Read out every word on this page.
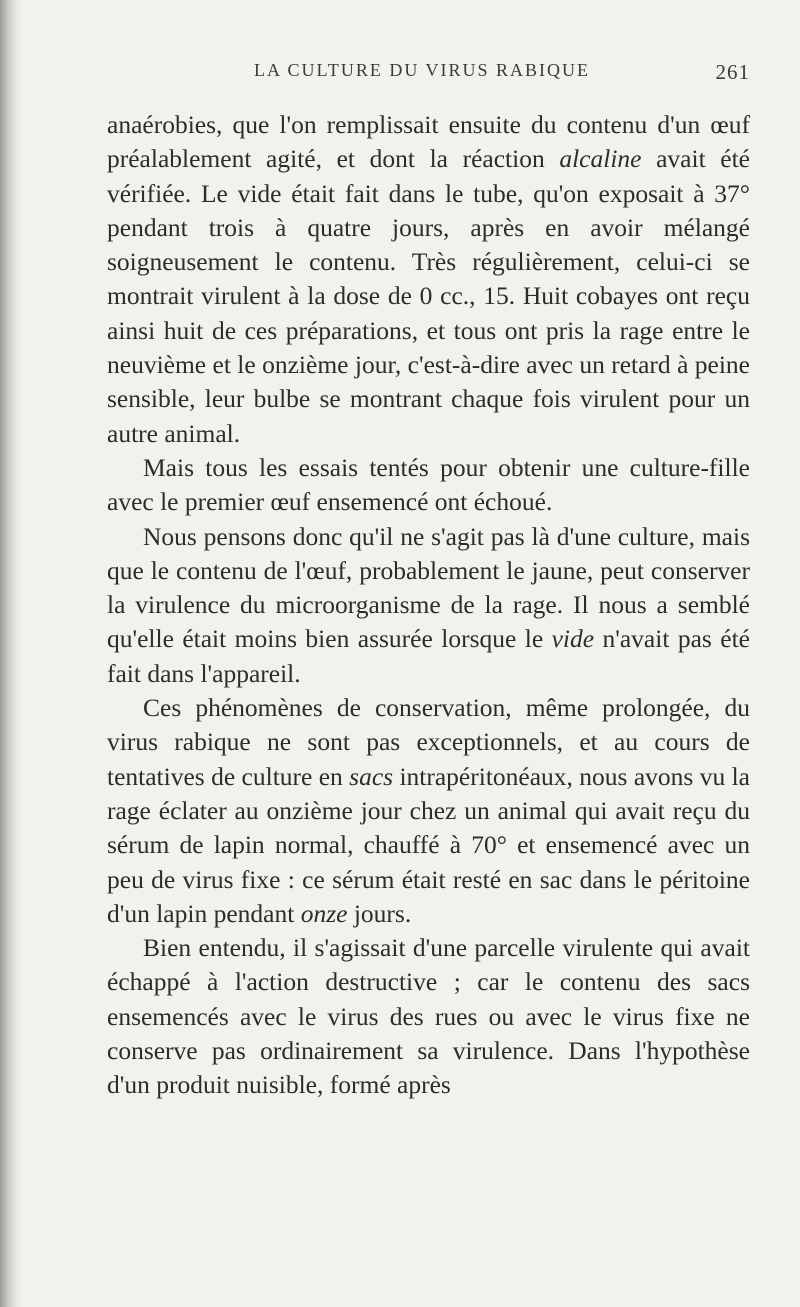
LA CULTURE DU VIRUS RABIQUE	261

anaérobies, que l'on remplissait ensuite du contenu d'un œuf préalablement agité, et dont la réaction alcaline avait été vérifiée. Le vide était fait dans le tube, qu'on exposait à 37° pendant trois à quatre jours, après en avoir mélangé soigneusement le contenu. Très régulièrement, celui-ci se montrait virulent à la dose de 0 cc., 15. Huit cobayes ont reçu ainsi huit de ces préparations, et tous ont pris la rage entre le neuvième et le onzième jour, c'est-à-dire avec un retard à peine sensible, leur bulbe se montrant chaque fois virulent pour un autre animal.

Mais tous les essais tentés pour obtenir une culture-fille avec le premier œuf ensemencé ont échoué.

Nous pensons donc qu'il ne s'agit pas là d'une culture, mais que le contenu de l'œuf, probablement le jaune, peut conserver la virulence du microorganisme de la rage. Il nous a semblé qu'elle était moins bien assurée lorsque le vide n'avait pas été fait dans l'appareil.

Ces phénomènes de conservation, même prolongée, du virus rabique ne sont pas exceptionnels, et au cours de tentatives de culture en sacs intrapéritonéaux, nous avons vu la rage éclater au onzième jour chez un animal qui avait reçu du sérum de lapin normal, chauffé à 70° et ensemencé avec un peu de virus fixe : ce sérum était resté en sac dans le péritoine d'un lapin pendant onze jours.

Bien entendu, il s'agissait d'une parcelle virulente qui avait échappé à l'action destructive ; car le contenu des sacs ensemencés avec le virus des rues ou avec le virus fixe ne conserve pas ordinairement sa virulence. Dans l'hypothèse d'un produit nuisible, formé après
